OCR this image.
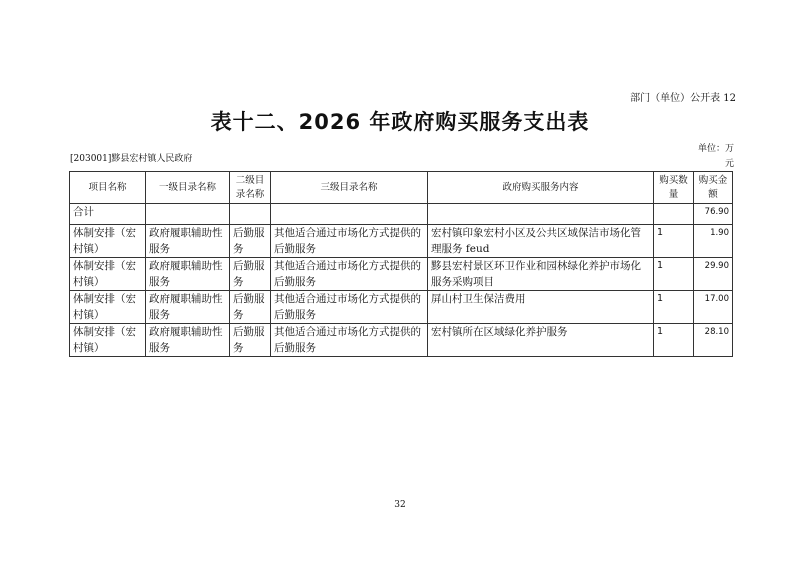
部门（单位）公开表 12
表十二、2026 年政府购买服务支出表
单位：万
元
[203001]黟县宏村镇人民政府
项目名称	一级目录名称	二级目录名称	三级目录名称	政府购买服务内容	购买数量	购买金额
合计						76.90
体制安排（宏村镇）	政府履职辅助性服务	后勤服务	其他适合通过市场化方式提供的后勤服务	宏村镇印象宏村小区及公共区域保洁市场化管理服务 feud	1	1.90
体制安排（宏村镇）	政府履职辅助性服务	后勤服务	其他适合通过市场化方式提供的后勤服务	黟县宏村景区环卫作业和园林绿化养护市场化服务采购项目	1	29.90
体制安排（宏村镇）	政府履职辅助性服务	后勤服务	其他适合通过市场化方式提供的后勤服务	屏山村卫生保洁费用	1	17.00
体制安排（宏村镇）	政府履职辅助性服务	后勤服务	其他适合通过市场化方式提供的后勤服务	宏村镇所在区域绿化养护服务	1	28.10
32
